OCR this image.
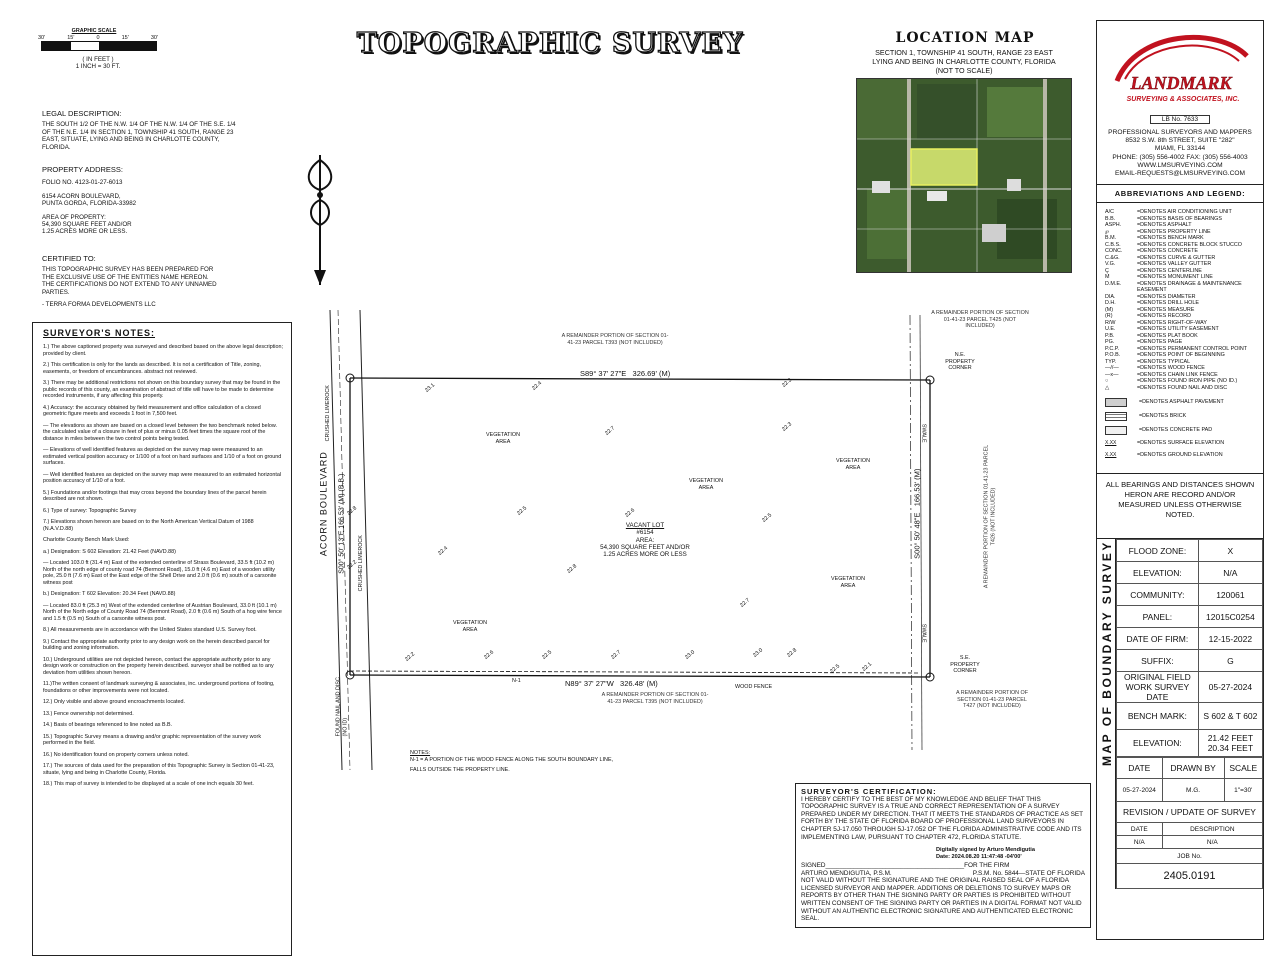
GRAPHIC SCALE
30'	15'	0	15'	30'
( IN FEET )
1 INCH = 30 FT.
LEGAL DESCRIPTION:
THE SOUTH 1/2 OF THE N.W. 1/4 OF THE N.W. 1/4 OF THE S.E. 1/4 OF THE N.E. 1/4 IN SECTION 1, TOWNSHIP 41 SOUTH, RANGE 23 EAST, SITUATE, LYING AND BEING IN CHARLOTTE COUNTY, FLORIDA.
PROPERTY ADDRESS:
FOLIO NO. 4123-01-27-6013
6154 ACORN BOULEVARD,
PUNTA GORDA, FLORIDA-33982
AREA OF PROPERTY:
54,390 SQUARE FEET AND/OR
1.25 ACRES MORE OR LESS.
CERTIFIED TO:
THIS TOPOGRAPHIC SURVEY HAS BEEN PREPARED FOR THE EXCLUSIVE USE OF THE ENTITIES NAME HEREON. THE CERTIFICATIONS DO NOT EXTEND TO ANY UNNAMED PARTIES.
- TERRA FORMA DEVELOPMENTS LLC
SURVEYOR'S NOTES:
1.) The above captioned property was surveyed and described based on the above legal description; provided by client.
2.) This certification is only for the lands as described. It is not a certification of Title, zoning, easements, or freedom of encumbrances. abstract not reviewed.
3.) There may be additional restrictions not shown on this boundary survey that may be found in the public records of this county, an examination of abstract of title will have to be made to determine recorded instruments, if any affecting this property.
4.) Accuracy: the accuracy obtained by field measurement and office calculation of a closed geometric figure meets and exceeds 1 foot in 7,500 feet.
— The elevations as shown are based on a closed level between the two benchmark noted below. the calculated value of a closure in feet of plus or minus 0.05 feet times the square root of the distance in miles between the two control points being tested.
— Elevations of well identified features as depicted on the survey map were measured to an estimated vertical position accuracy or 1/100 of a foot on hard surfaces and 1/10 of a foot on ground surfaces.
— Well identified features as depicted on the survey map were measured to an estimated horizontal position accuracy of 1/10 of a foot.
5.) Foundations and/or footings that may cross beyond the boundary lines of the parcel herein described are not shown.
6.) Type of survey: Topographic Survey
7.) Elevations shown hereon are based on to the North American Vertical Datum of 1988 (N.A.V.D.88)
Charlotte County Bench Mark Used:
a.) Designation: S 602 Elevation: 21.42 Feet (NAVD.88)
— Located 103.0 ft (31.4 m) East of the extended centerline of Strass Boulevard, 33.5 ft (10.2 m) North of the north edge of county road 74 (Bermont Road), 15.0 ft (4.6 m) East of a wooden utility pole, 25.0 ft (7.6 m) East of the East edge of the Shell Drive and 2.0 ft (0.6 m) south of a carsonite witness post
b.) Designation: T 602 Elevation: 20.34 Feet (NAVD.88)
— Located 83.0 ft (25.3 m) West of the extended centerline of Austrian Boulevard, 33.0 ft (10.1 m) North of the North edge of County Road 74 (Bermont Road), 2.0 ft (0.6 m) South of a hog wire fence and 1.5 ft (0.5 m) South of a carsonite witness post.
8.) All measurements are in accordance with the United States standard U.S. Survey foot.
9.) Contact the appropriate authority prior to any design work on the herein described parcel for building and zoning information.
10.) Underground utilities are not depicted hereon, contact the appropriate authority prior to any design work or construction on the property herein described. surveyor shall be notified as to any deviation from utilities shown hereon.
11.)The written consent of landmark surveying & associates, inc. underground portions of footing, foundations or other improvements were not located.
12.) Only visible and above ground encroachments located.
13.) Fence ownership not determined.
14.) Basis of bearings referenced to line noted as B.B.
15.) Topographic Survey means a drawing and/or graphic representation of the survey work performed in the field.
16.) No identification found on property corners unless noted.
17.) The sources of data used for the preparation of this Topographic Survey is Section 01-41-23, situate, lying and being in Charlotte County, Florida.
18.) This map of survey is intended to be displayed at a scale of one inch equals 30 feet.
TOPOGRAPHIC SURVEY	LOCATION MAP
SECTION 1, TOWNSHIP 41 SOUTH, RANGE 23 EAST
LYING AND BEING IN CHARLOTTE COUNTY, FLORIDA
(NOT TO SCALE)
ACORN BOULEVARD
CRUSHED LIMEROCK
CRUSHED LIMEROCK
S00° 50' 13"E 166.53' (M) (B.B.)
S89° 37' 27"E   326.69' (M)
N89° 37' 27"W   326.48' (M)
S00° 50' 48"E   166.53' (M)
A REMAINDER PORTION OF SECTION 01-41-23 PARCEL T393 (NOT INCLUDED)
A REMAINDER PORTION OF SECTION 01-41-23 PARCEL T425 (NOT INCLUDED)
A REMAINDER PORTION OF SECTION 01-41-23 PARCEL T426 (NOT INCLUDED)
A REMAINDER PORTION OF SECTION 01-41-23 PARCEL T395 (NOT INCLUDED)
A REMAINDER PORTION OF SECTION 01-41-23 PARCEL T427 (NOT INCLUDED)
N.E. PROPERTY CORNER
S.E. PROPERTY CORNER
FOUND NAIL AND DISC (NO ID)
WOOD FENCE
N-1
SWALE
SWALE
VACANT LOT
#6154
AREA:
54,390 SQUARE FEET AND/OR
1.25 ACRES MORE OR LESS
VEGETATION AREA
VEGETATION AREA
VEGETATION AREA
VEGETATION AREA
VEGETATION AREA
23.1	22.4	22.3
22.7	22.3
22.5	22.6	22.5
22.4
22.8
22.7
22.2	22.6	22.5	22.7	23.0	23.0	22.8
22.5	22.1
22.8
22.2
NOTES:
N-1 = A PORTION OF THE WOOD FENCE ALONG THE SOUTH BOUNDARY LINE,
FALLS OUTSIDE THE PROPERTY LINE.
SURVEYOR'S CERTIFICATION:
I HEREBY CERTIFY TO THE BEST OF MY KNOWLEDGE AND BELIEF THAT THIS TOPOGRAPHIC SURVEY IS A TRUE AND CORRECT REPRESENTATION OF A SURVEY PREPARED UNDER MY DIRECTION. THAT IT MEETS THE STANDARDS OF PRACTICE AS SET FORTH BY THE STATE OF FLORIDA BOARD OF PROFESSIONAL LAND SURVEYORS IN CHAPTER 5J-17.050 THROUGH 5J-17.052 OF THE FLORIDA ADMINISTRATIVE CODE AND ITS IMPLEMENTING LAW, PURSUANT TO CHAPTER 472, FLORIDA STATUTE.
Digitally signed by Arturo Mendigutia
Date: 2024.08.20 11:47:48 -04'00'
SIGNED_______________________________________FOR THE FIRM
ARTURO MENDIGUTIA, P.S.M.	P.S.M. No. 5844—STATE OF FLORIDA
NOT VALID WITHOUT THE SIGNATURE AND THE ORIGINAL RAISED SEAL OF A FLORIDA LICENSED SURVEYOR AND MAPPER. ADDITIONS OR DELETIONS TO SURVEY MAPS OR REPORTS BY OTHER THAN THE SIGNING PARTY OR PARTIES IS PROHIBITED WITHOUT WRITTEN CONSENT OF THE SIGNING PARTY OR PARTIES IN A DIGITAL FORMAT NOT VALID WITHOUT AN AUTHENTIC ELECTRONIC SIGNATURE AND AUTHENTICATED ELECTRONIC SEAL.
LANDMARK
SURVEYING & ASSOCIATES, INC.
LB No. 7633
PROFESSIONAL SURVEYORS AND MAPPERS
8532 S.W. 8th STREET, SUITE "282"
MIAMI, FL 33144
PHONE: (305) 556-4002 FAX: (305) 556-4003
WWW.LMSURVEYING.COM
EMAIL-REQUESTS@LMSURVEYING.COM
ABBREVIATIONS AND LEGEND:
A/C	=DENOTES AIR CONDITIONING UNIT
B.B.	=DENOTES BASIS OF BEARINGS
ASPH.	=DENOTES ASPHALT
℘	=DENOTES PROPERTY LINE
B.M.	=DENOTES BENCH MARK
C.B.S.	=DENOTES CONCRETE BLOCK STUCCO
CONC.	=DENOTES CONCRETE
C.&G.	=DENOTES CURVE & GUTTER
V.G.	=DENOTES VALLEY GUTTER
Ç	=DENOTES CENTERLINE
Ṁ	=DENOTES MONUMENT LINE
D.M.E.	=DENOTES DRAINAGE & MAINTENANCE EASEMENT
DIA.	=DENOTES DIAMETER
D.H.	=DENOTES DRILL HOLE
(M)	=DENOTES MEASURE
(R)	=DENOTES RECORD
R/W	=DENOTES RIGHT-OF-WAY
U.E.	=DENOTES UTILITY EASEMENT
P.B.	=DENOTES PLAT BOOK
PG.	=DENOTES PAGE
P.C.P.	=DENOTES PERMANENT CONTROL POINT
P.O.B.	=DENOTES POINT OF BEGINNING
TYP.	=DENOTES TYPICAL
—//—	=DENOTES WOOD FENCE
—x—	=DENOTES CHAIN LINK FENCE
○	=DENOTES FOUND IRON PIPE (NO ID.)
△	=DENOTES FOUND NAIL AND DISC
=DENOTES ASPHALT PAVEMENT
=DENOTES BRICK
=DENOTES CONCRETE PAD
X.XX	=DENOTES SURFACE ELEVATION
X.XX	=DENOTES GROUND ELEVATION
ALL BEARINGS AND DISTANCES SHOWN HERON ARE RECORD AND/OR MEASURED UNLESS OTHERWISE NOTED.
MAP OF BOUNDARY SURVEY FLOOD ZONE:	X
ELEVATION:	N/A
COMMUNITY:	120061
PANEL:	12015C0254
DATE OF FIRM:	12-15-2022
SUFFIX:	G
ORIGINAL FIELD WORK SURVEY DATE	05-27-2024
BENCH MARK:	S 602 & T 602
ELEVATION:	21.42 FEET 20.34 FEET
DATE	DRAWN BY	SCALE
05-27-2024	M.G.	1"=30'
REVISION / UPDATE OF SURVEY		
DATE	DESCRIPTION	
N/A	N/A	
JOB No.		
2405.0191		
